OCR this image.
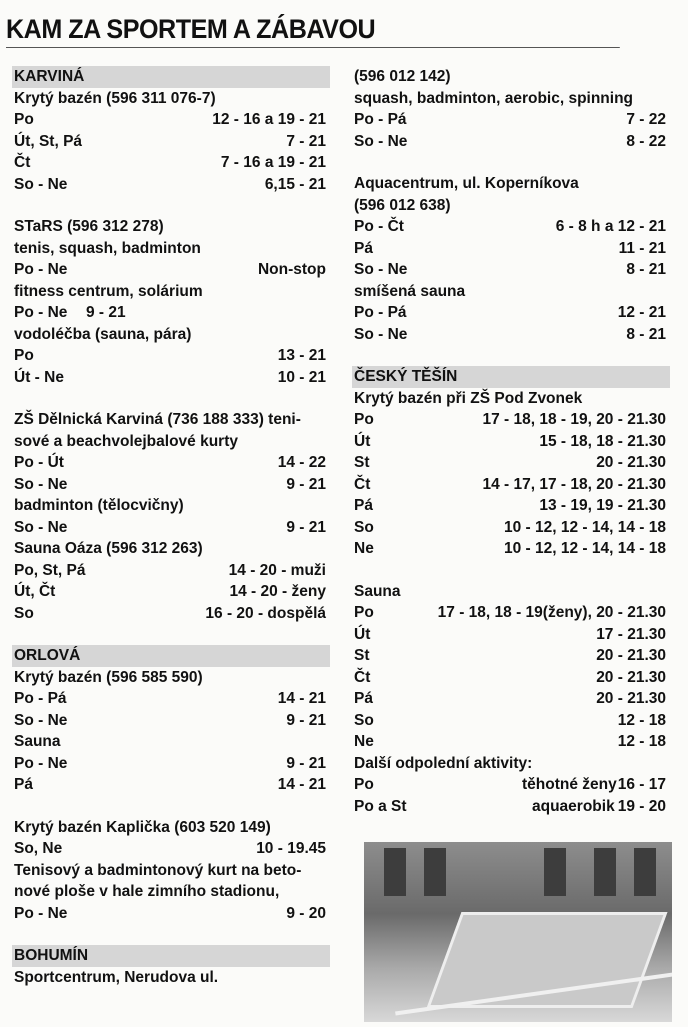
KAM ZA SPORTEM A ZÁBAVOU
KARVINÁ
Krytý bazén (596 311 076-7)
Po	12 - 16 a 19 - 21
Út, St, Pá	7 - 21
Čt	7 - 16 a 19 - 21
So - Ne	6,15 - 21
STaRS (596 312 278)
tenis, squash, badminton
Po - Ne	Non-stop
fitness centrum, solárium
Po - Ne 9 - 21
vodoléčba (sauna, pára)
Po	13 - 21
Út - Ne	10 - 21
ZŠ Dělnická Karviná (736 188 333) teni-
sové a beachvolejbalové kurty
Po - Út	14 - 22
So - Ne	9 - 21
badminton (tělocvičny)
So - Ne	9 - 21
Sauna Oáza (596 312 263)
Po, St, Pá	14 - 20 - muži
Út, Čt	14 - 20 - ženy
So	16 - 20 - dospělá
ORLOVÁ
Krytý bazén (596 585 590)
Po - Pá	14 - 21
So - Ne	9 - 21
Sauna
Po - Ne	9 - 21
Pá	14 - 21
Krytý bazén Kaplička (603 520 149)
So, Ne	10 - 19.45
Tenisový a badmintonový kurt na beto-
nové ploše v hale zimního stadionu,
Po - Ne	9 - 20
BOHUMÍN
Sportcentrum, Nerudova ul.
(596 012 142)
squash, badminton, aerobic, spinning
Po - Pá	7 - 22
So - Ne	8 - 22
Aquacentrum, ul. Koperníkova
(596 012 638)
Po - Čt	6 - 8 h a 12 - 21
Pá	11 - 21
So - Ne	8 - 21
smíšená sauna
Po - Pá	12 - 21
So - Ne	8 - 21
ČESKÝ TĚŠÍN
Krytý bazén při ZŠ Pod Zvonek
Po	17 - 18, 18 - 19, 20 - 21.30
Út	15 - 18, 18 - 21.30
St	20 - 21.30
Čt	14 - 17, 17 - 18, 20 - 21.30
Pá	13 - 19, 19 - 21.30
So	10 - 12, 12 - 14, 14 - 18
Ne	10 - 12, 12 - 14, 14 - 18
Sauna
Po	17 - 18, 18 - 19(ženy), 20 - 21.30
Út	17 - 21.30
St	20 - 21.30
Čt	20 - 21.30
Pá	20 - 21.30
So	12 - 18
Ne	12 - 18
Další odpolední aktivity:
Po	těhotné ženy 16 - 17
Po a St	aquaerobik 19 - 20
